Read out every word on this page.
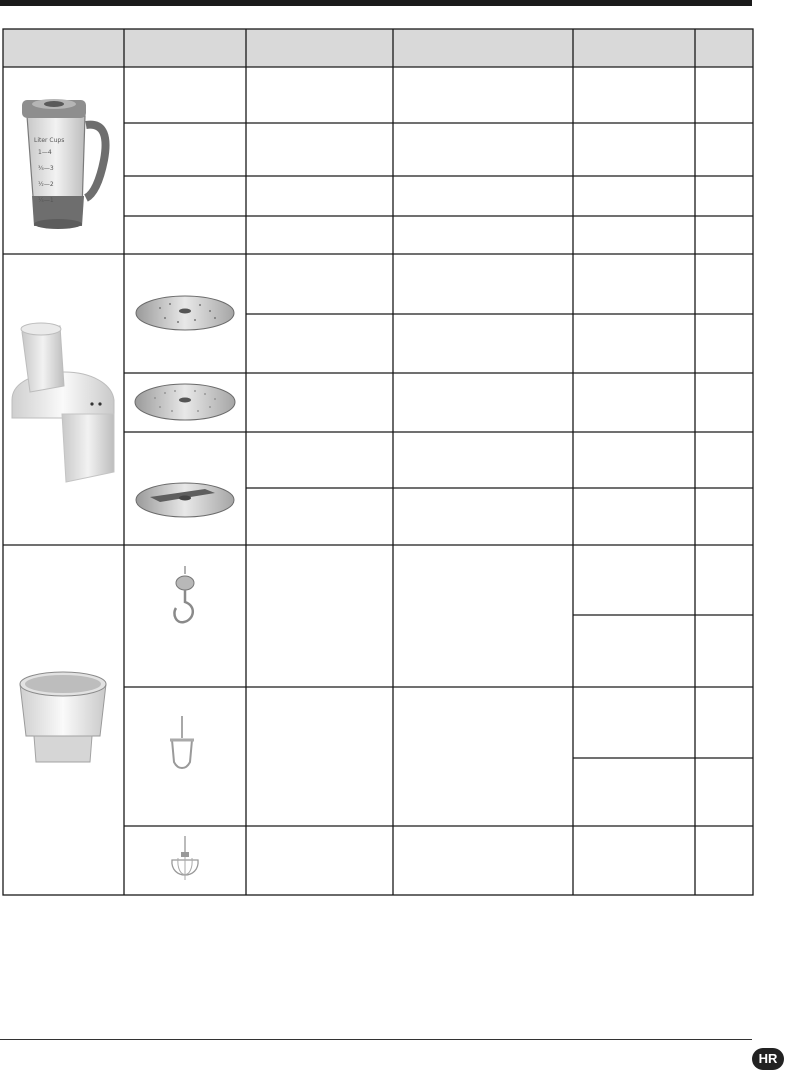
Liter Cups
1—4
¾—3
½—2
¼—1
HR
